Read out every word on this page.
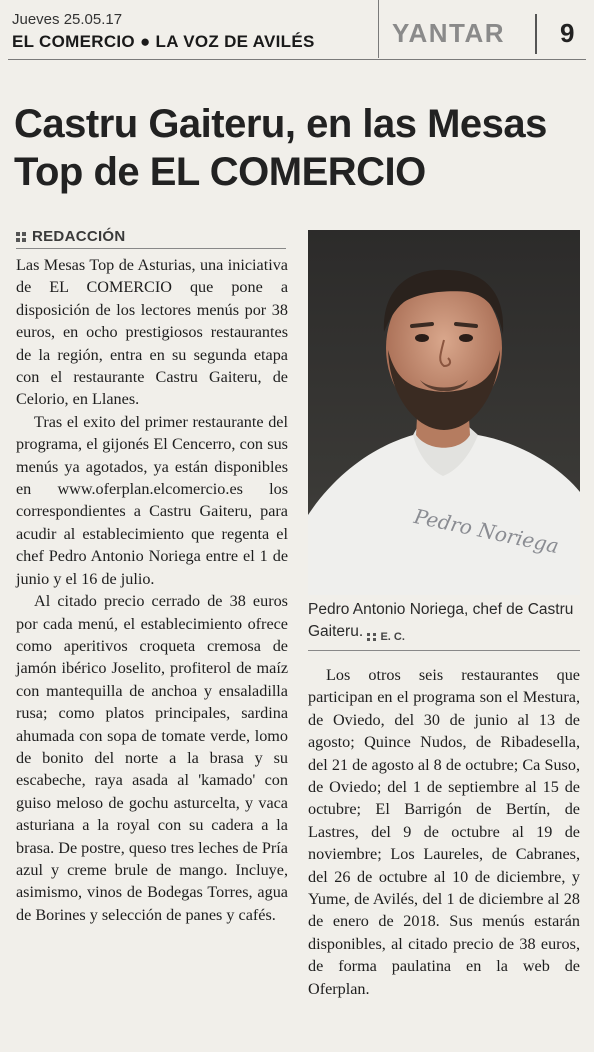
Jueves 25.05.17
EL COMERCIO ● LA VOZ DE AVILÉS	YANTAR 9
Castru Gaiteru, en las Mesas Top de EL COMERCIO
REDACCIÓN

Las Mesas Top de Asturias, una iniciativa de EL COMERCIO que pone a disposición de los lectores menús por 38 euros, en ocho prestigiosos restaurantes de la región, entra en su segunda etapa con el restaurante Castru Gaiteru, de Celorio, en Llanes.

Tras el exito del primer restaurante del programa, el gijonés El Cencerro, con sus menús ya agotados, ya están disponibles en www.oferplan.elcomercio.es los correspondientes a Castru Gaiteru, para acudir al establecimiento que regenta el chef Pedro Antonio Noriega entre el 1 de junio y el 16 de julio.

Al citado precio cerrado de 38 euros por cada menú, el establecimiento ofrece como aperitivos croqueta cremosa de jamón ibérico Joselito, profiterol de maíz con mantequilla de anchoa y ensaladilla rusa; como platos principales, sardina ahumada con sopa de tomate verde, lomo de bonito del norte a la brasa y su escabeche, raya asada al 'kamado' con guiso meloso de gochu asturcelta, y vaca asturiana a la royal con su cadera a la brasa. De postre, queso tres leches de Pría azul y creme brule de mango. Incluye, asimismo, vinos de Bodegas Torres, agua de Borines y selección de panes y cafés.

Pedro Noriega
Pedro Antonio Noriega, chef de Castru Gaiteru. E. C.

Los otros seis restaurantes que participan en el programa son el Mestura, de Oviedo, del 30 de junio al 13 de agosto; Quince Nudos, de Ribadesella, del 21 de agosto al 8 de octubre; Ca Suso, de Oviedo; del 1 de septiembre al 15 de octubre; El Barrigón de Bertín, de Lastres, del 9 de octubre al 19 de noviembre; Los Laureles, de Cabranes, del 26 de octubre al 10 de diciembre, y Yume, de Avilés, del 1 de diciembre al 28 de enero de 2018. Sus menús estarán disponibles, al citado precio de 38 euros, de forma paulatina en la web de Oferplan.
